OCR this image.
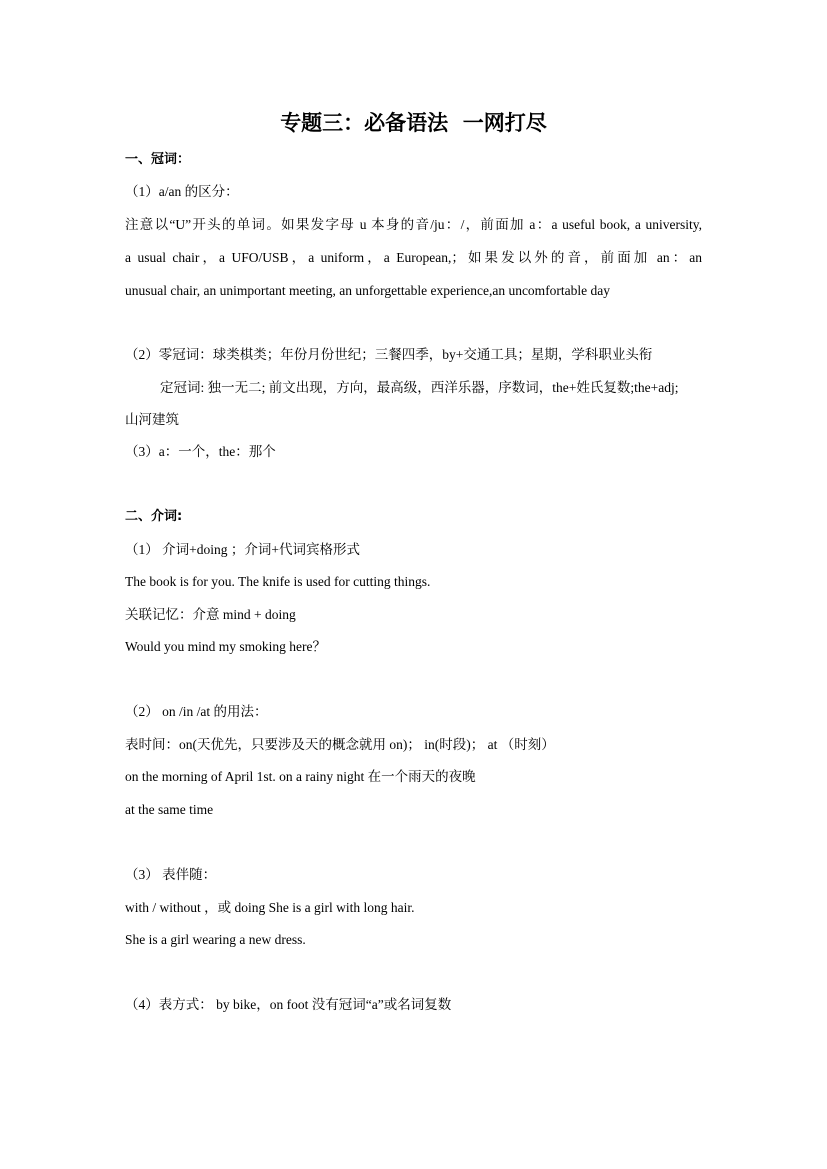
专题三：必备语法  一网打尽
一、冠词：
（1）a/an 的区分：
注意以“U”开头的单词。如果发字母 u 本身的音/ju：/，前面加 a：a useful book, a university,
a usual chair，a UFO/USB，a uniform，a European,；如果发以外的音，前面加 an：an
unusual chair, an unimportant meeting, an unforgettable experience,an uncomfortable day
（2）零冠词：球类棋类；年份月份世纪；三餐四季，by+交通工具；星期，学科职业头衔
定冠词: 独一无二; 前文出现，方向，最高级，西洋乐器，序数词，the+姓氏复数;the+adj;
山河建筑
（3）a：一个，the：那个
二、介词:
（1） 介词+doing ；介词+代词宾格形式
The book is for you. The knife is used for cutting things.
关联记忆：介意 mind + doing
Would you mind my smoking here？
（2） on /in /at 的用法：
表时间：on(天优先，只要涉及天的概念就用 on)； in(时段)； at （时刻）
on the morning of April 1st. on a rainy night 在一个雨天的夜晚
at the same time
（3） 表伴随：
with / without ，或 doing She is a girl with long hair.
She is a girl wearing a new dress.
（4）表方式： by bike，on foot 没有冠词“a”或名词复数
